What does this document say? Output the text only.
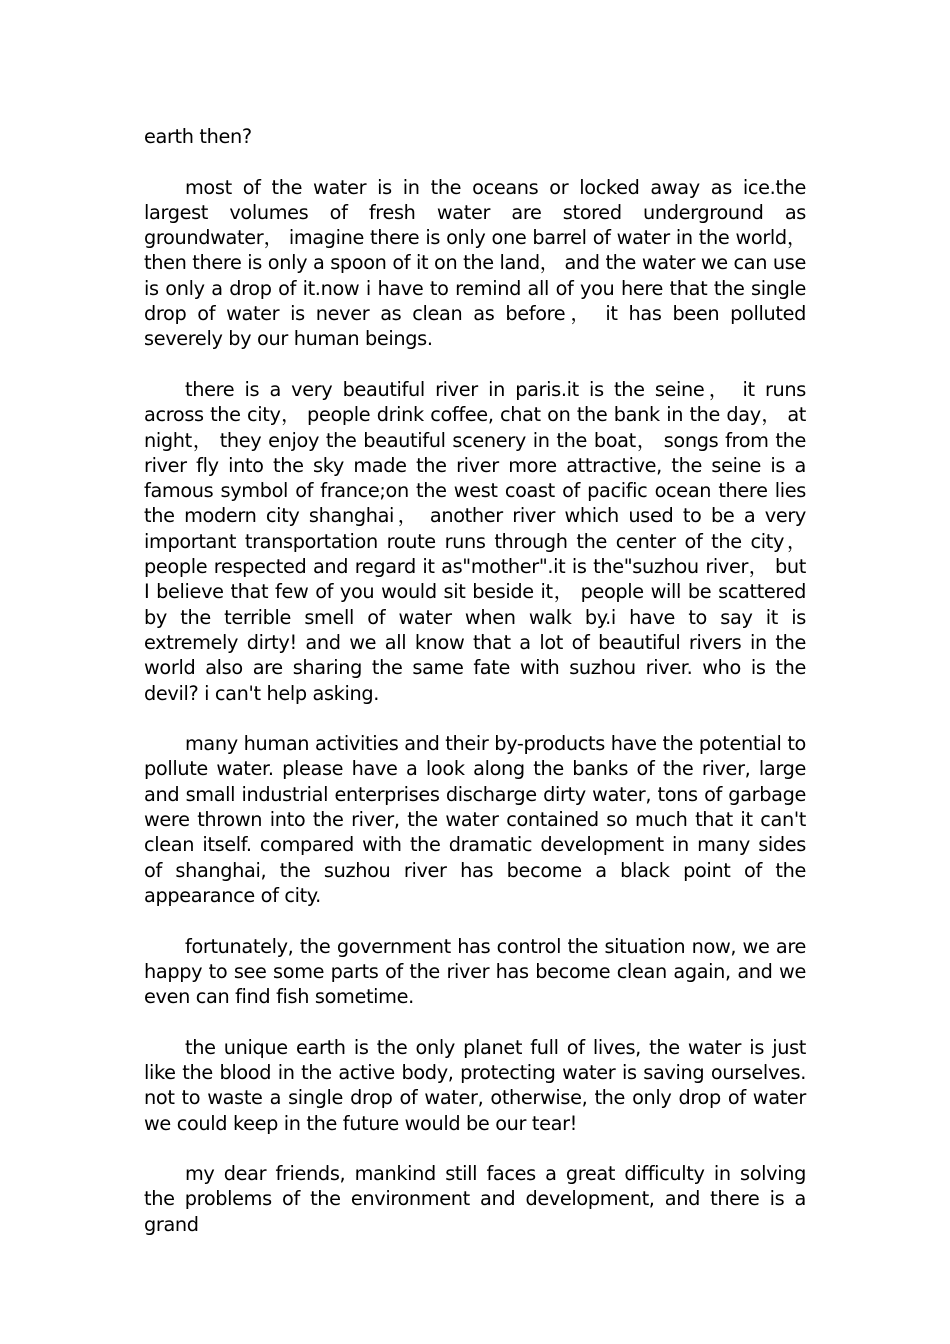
earth then?

most of the water is in the oceans or locked away as ice.the largest volumes of fresh water are stored underground as groundwater， imagine there is only one barrel of water in the world， then there is only a spoon of it on the land， and the water we can use is only a drop of it.now i have to remind all of you here that the single drop of water is never as clean as before， it has been polluted severely by our human beings.

there is a very beautiful river in paris.it is the seine， it runs across the city， people drink coffee, chat on the bank in the day， at night， they enjoy the beautiful scenery in the boat， songs from the river fly into the sky made the river more attractive, the seine is a famous symbol of france;on the west coast of pacific ocean there lies the modern city shanghai， another river which used to be a very important transportation route runs through the center of the city， people respected and regard it as"mother".it is the"suzhou river， but I believe that few of you would sit beside it， people will be scattered by the terrible smell of water when walk by.i have to say it is extremely dirty! and we all know that a lot of beautiful rivers in the world also are sharing the same fate with suzhou river. who is the devil? i can't help asking.

many human activities and their by-products have the potential to pollute water. please have a look along the banks of the river, large and small industrial enterprises discharge dirty water, tons of garbage were thrown into the river, the water contained so much that it can't clean itself. compared with the dramatic development in many sides of shanghai, the suzhou river has become a black point of the appearance of city.

fortunately, the government has control the situation now, we are happy to see some parts of the river has become clean again, and we even can find fish sometime.

the unique earth is the only planet full of lives, the water is just like the blood in the active body, protecting water is saving ourselves. not to waste a single drop of water, otherwise, the only drop of water we could keep in the future would be our tear!

my dear friends, mankind still faces a great difficulty in solving the problems of the environment and development, and there is a grand
